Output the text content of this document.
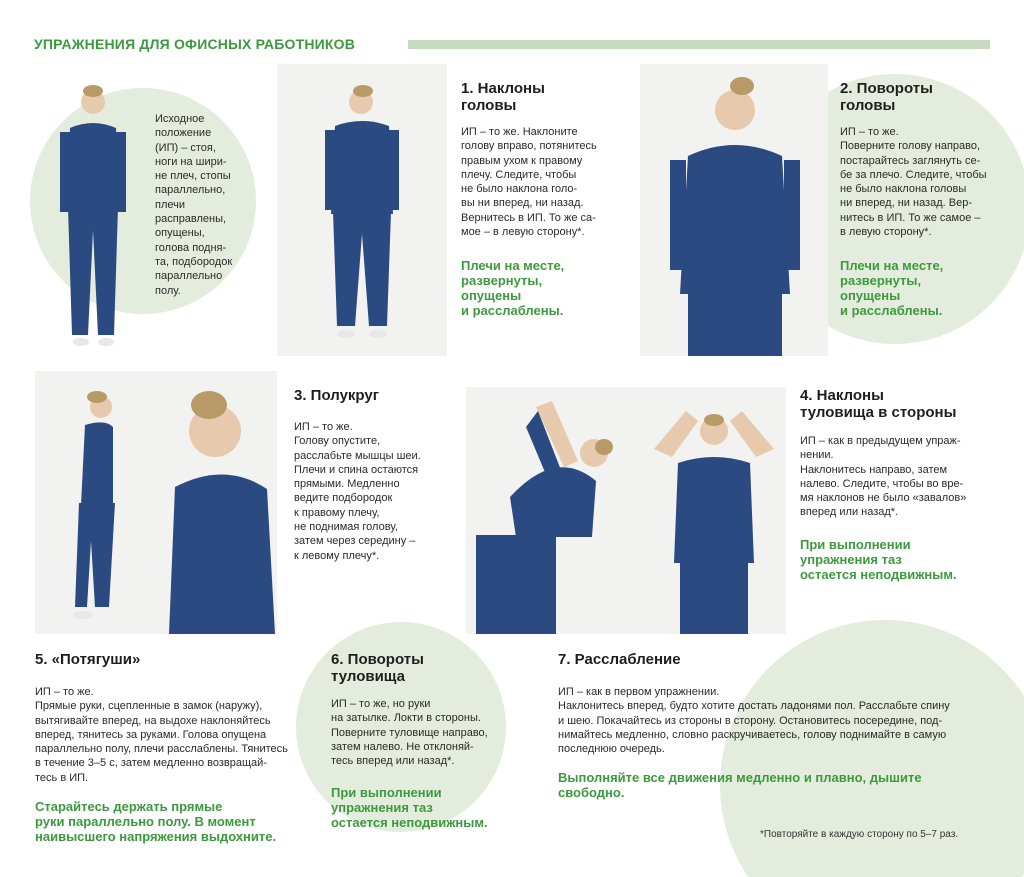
УПРАЖНЕНИЯ ДЛЯ ОФИСНЫХ РАБОТНИКОВ
Исходное
положение
(ИП) – стоя,
ноги на шири-
не плеч, стопы
параллельно,
плечи
расправлены,
опущены,
голова подня-
та, подбородок
параллельно
полу.
1. Наклоны
головы
ИП – то же. Наклоните
голову вправо, потянитесь
правым ухом к правому
плечу. Следите, чтобы
не было наклона голо-
вы ни вперед, ни назад.
Вернитесь в ИП. То же са-
мое – в левую сторону*.
Плечи на месте,
развернуты,
опущены
и расслаблены.
2. Повороты
головы
ИП – то же.
Поверните голову направо,
постарайтесь заглянуть се-
бе за плечо. Следите, чтобы
не было наклона головы
ни вперед, ни назад. Вер-
нитесь в ИП. То же самое –
в левую сторону*.
Плечи на месте,
развернуты,
опущены
и расслаблены.
3. Полукруг
ИП – то же.
Голову опустите,
расслабьте мышцы шеи.
Плечи и спина остаются
прямыми. Медленно
ведите подбородок
к правому плечу,
не поднимая голову,
затем через середину –
к левому плечу*.
4. Наклоны
туловища в стороны
ИП – как в предыдущем упраж-
нении.
Наклонитесь направо, затем
налево. Следите, чтобы во вре-
мя наклонов не было «завалов»
вперед или назад*.
При выполнении
упражнения таз
остается неподвижным.
5. «Потягуши»
ИП – то же.
Прямые руки, сцепленные в замок (наружу),
вытягивайте вперед, на выдохе наклоняйтесь
вперед, тянитесь за руками. Голова опущена
параллельно полу, плечи расслаблены. Тянитесь
в течение 3–5 с, затем медленно возвращай-
тесь в ИП.
Старайтесь держать прямые
руки параллельно полу. В момент
наивысшего напряжения выдохните.
6. Повороты
туловища
ИП – то же, но руки
на затылке. Локти в стороны.
Поверните туловище направо,
затем налево. Не отклоняй-
тесь вперед или назад*.
При выполнении
упражнения таз
остается неподвижным.
7. Расслабление
ИП – как в первом упражнении.
Наклонитесь вперед, будто хотите достать ладонями пол. Расслабьте спину
и шею. Покачайтесь из стороны в сторону. Остановитесь посередине, под-
нимайтесь медленно, словно раскручиваетесь, голову поднимайте в самую
последнюю очередь.
Выполняйте все движения медленно и плавно, дышите
свободно.
*Повторяйте в каждую сторону по 5–7 раз.
